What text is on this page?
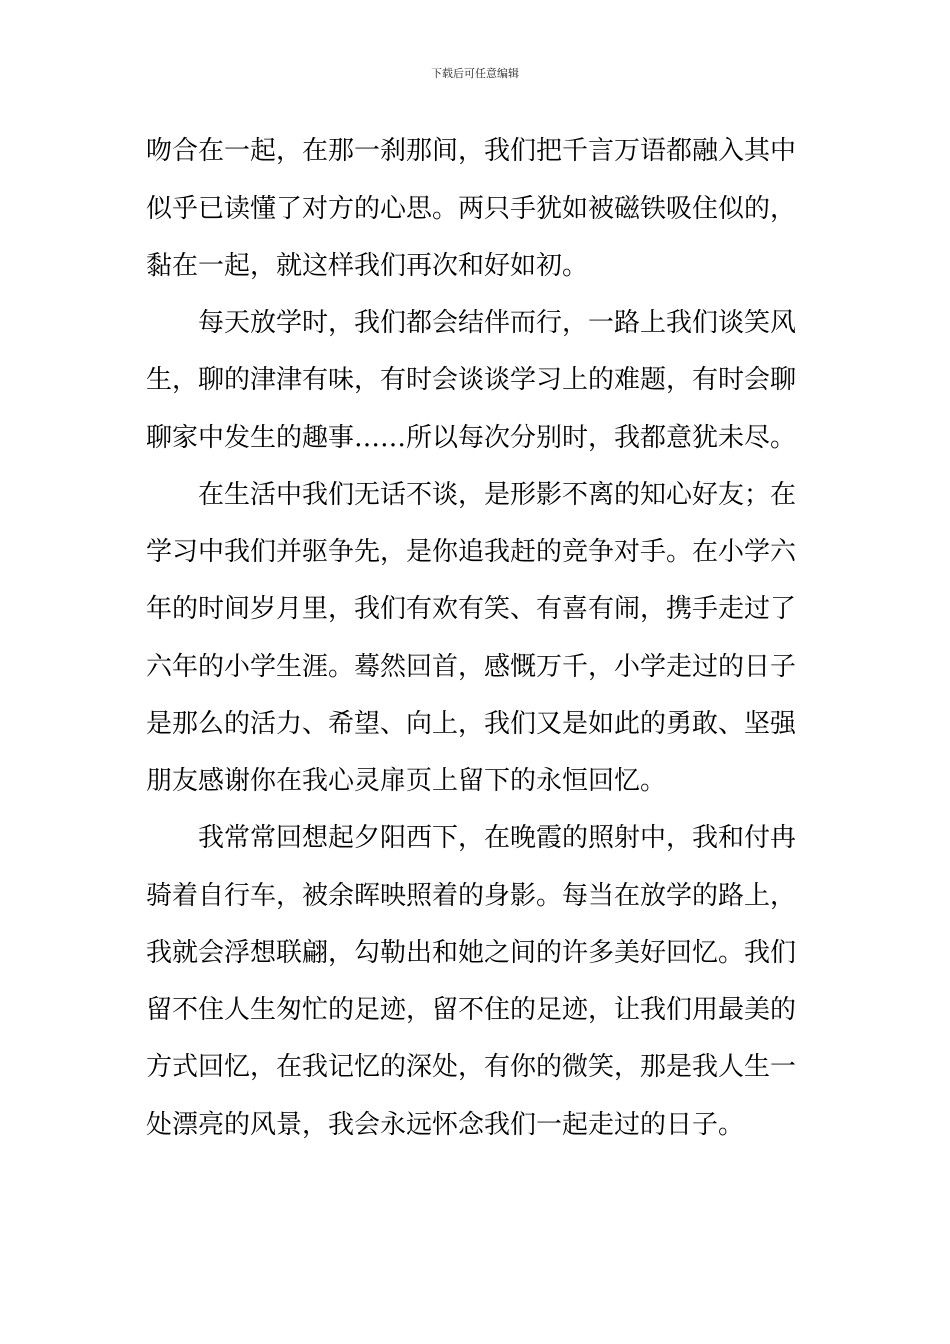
下载后可任意编辑
吻合在一起，在那一刹那间，我们把千言万语都融入其中
似乎已读懂了对方的心思。两只手犹如被磁铁吸住似的，
黏在一起，就这样我们再次和好如初。
每天放学时，我们都会结伴而行，一路上我们谈笑风
生，聊的津津有味，有时会谈谈学习上的难题，有时会聊
聊家中发生的趣事……所以每次分别时，我都意犹未尽。
在生活中我们无话不谈，是形影不离的知心好友；在
学习中我们并驱争先，是你追我赶的竞争对手。在小学六
年的时间岁月里，我们有欢有笑、有喜有闹，携手走过了
六年的小学生涯。蓦然回首，感慨万千，小学走过的日子
是那么的活力、希望、向上，我们又是如此的勇敢、坚强
朋友感谢你在我心灵扉页上留下的永恒回忆。
我常常回想起夕阳西下，在晚霞的照射中，我和付冉
骑着自行车，被余晖映照着的身影。每当在放学的路上，
我就会浮想联翩，勾勒出和她之间的许多美好回忆。我们
留不住人生匆忙的足迹，留不住的足迹，让我们用最美的
方式回忆，在我记忆的深处，有你的微笑，那是我人生一
处漂亮的风景，我会永远怀念我们一起走过的日子。
